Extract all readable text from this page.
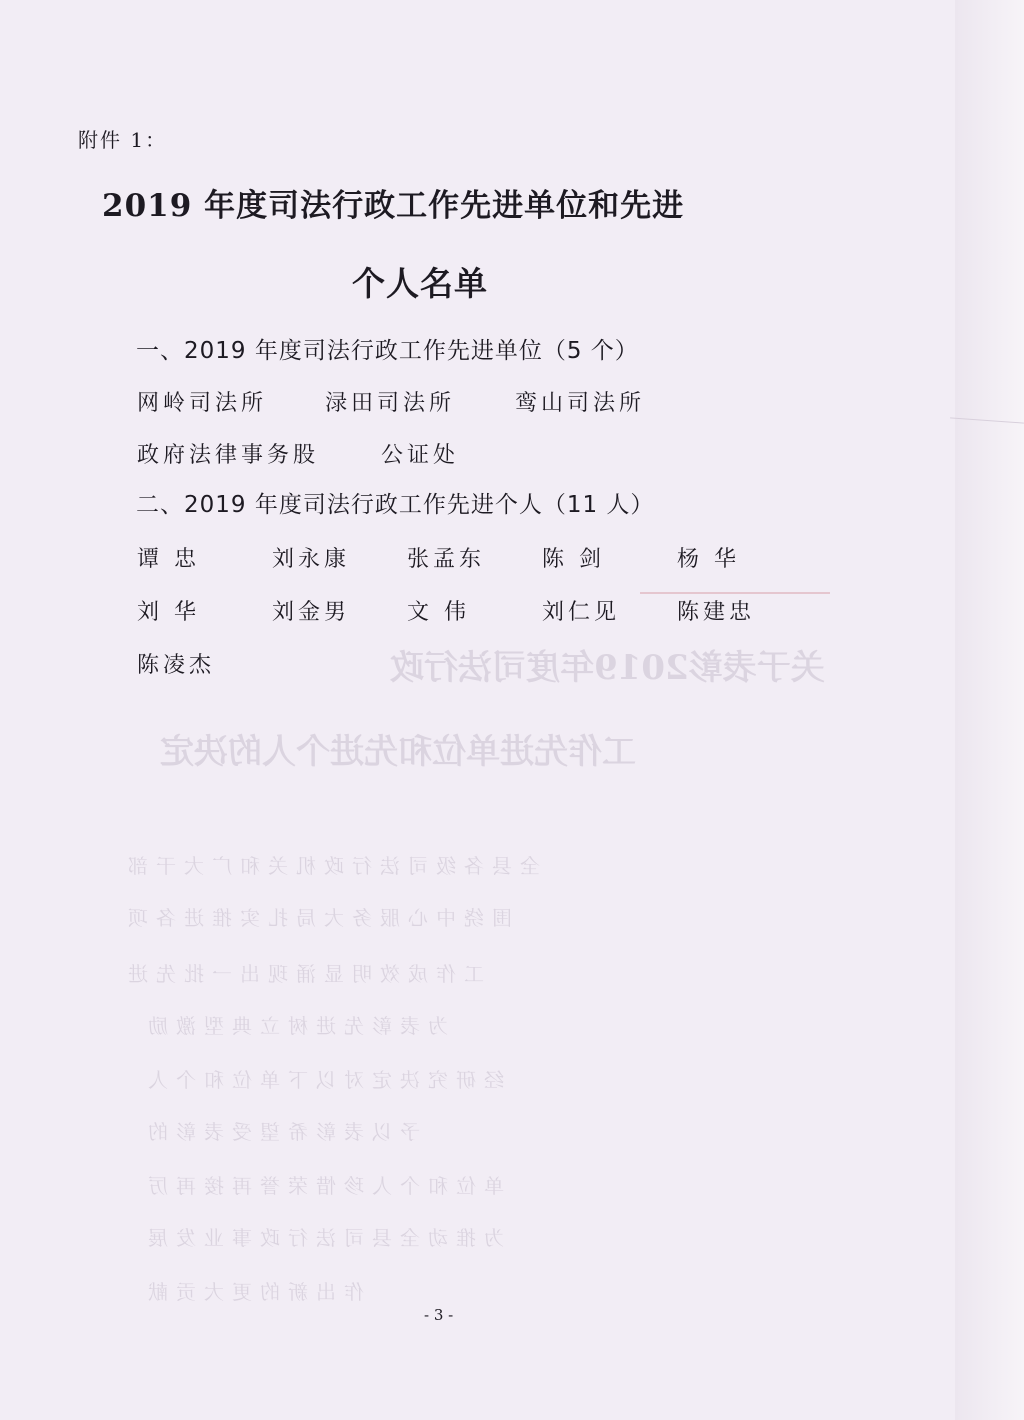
关于表彰2019年度司法行政
工作先进单位和先进个人的决定
全县各级司法行政机关和广大干部
围绕中心服务大局扎实推进各项
工作成效明显涌现出一批先进
为表彰先进树立典型激励
经研究决定对以下单位和个人
予以表彰希望受表彰的
单位和个人珍惜荣誉再接再厉
为推动全县司法行政事业发展
作出新的更大贡献
附件 1：
2019 年度司法行政工作先进单位和先进
个人名单
一、2019 年度司法行政工作先进单位（5 个）
网岭司法所	渌田司法所	鸾山司法所
政府法律事务股	公证处
二、2019 年度司法行政工作先进个人（11 人）
谭 忠	刘永康	张孟东	陈 剑	杨 华
刘 华	刘金男	文 伟	刘仁见	陈建忠
陈凌杰
- 3 -
